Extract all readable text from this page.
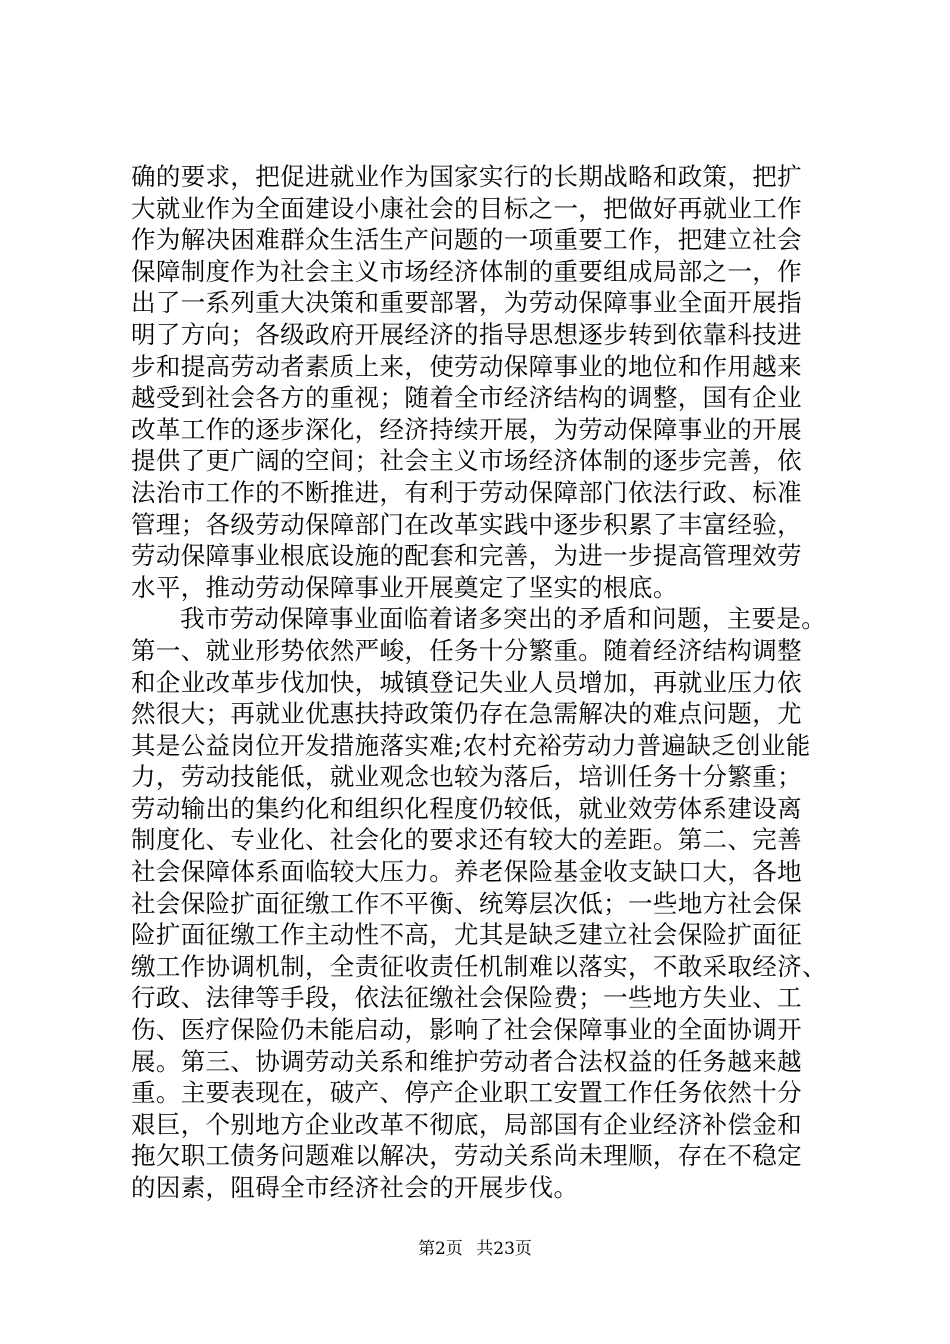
确的要求，把促进就业作为国家实行的长期战略和政策，把扩
大就业作为全面建设小康社会的目标之一，把做好再就业工作
作为解决困难群众生活生产问题的一项重要工作，把建立社会
保障制度作为社会主义市场经济体制的重要组成局部之一，作
出了一系列重大决策和重要部署，为劳动保障事业全面开展指
明了方向；各级政府开展经济的指导思想逐步转到依靠科技进
步和提高劳动者素质上来，使劳动保障事业的地位和作用越来
越受到社会各方的重视；随着全市经济结构的调整，国有企业
改革工作的逐步深化，经济持续开展，为劳动保障事业的开展
提供了更广阔的空间；社会主义市场经济体制的逐步完善，依
法治市工作的不断推进，有利于劳动保障部门依法行政、标准
管理；各级劳动保障部门在改革实践中逐步积累了丰富经验，
劳动保障事业根底设施的配套和完善，为进一步提高管理效劳
水平，推动劳动保障事业开展奠定了坚实的根底。
我市劳动保障事业面临着诸多突出的矛盾和问题，主要是。
第一、就业形势依然严峻，任务十分繁重。随着经济结构调整
和企业改革步伐加快，城镇登记失业人员增加，再就业压力依
然很大；再就业优惠扶持政策仍存在急需解决的难点问题，尤
其是公益岗位开发措施落实难;农村充裕劳动力普遍缺乏创业能
力，劳动技能低，就业观念也较为落后，培训任务十分繁重；
劳动输出的集约化和组织化程度仍较低，就业效劳体系建设离
制度化、专业化、社会化的要求还有较大的差距。第二、完善
社会保障体系面临较大压力。养老保险基金收支缺口大，各地
社会保险扩面征缴工作不平衡、统筹层次低；一些地方社会保
险扩面征缴工作主动性不高，尤其是缺乏建立社会保险扩面征
缴工作协调机制，全责征收责任机制难以落实，不敢采取经济、
行政、法律等手段，依法征缴社会保险费；一些地方失业、工
伤、医疗保险仍未能启动，影响了社会保障事业的全面协调开
展。第三、协调劳动关系和维护劳动者合法权益的任务越来越
重。主要表现在，破产、停产企业职工安置工作任务依然十分
艰巨，个别地方企业改革不彻底，局部国有企业经济补偿金和
拖欠职工债务问题难以解决，劳动关系尚未理顺，存在不稳定
的因素，阻碍全市经济社会的开展步伐。
第2页 共23页
